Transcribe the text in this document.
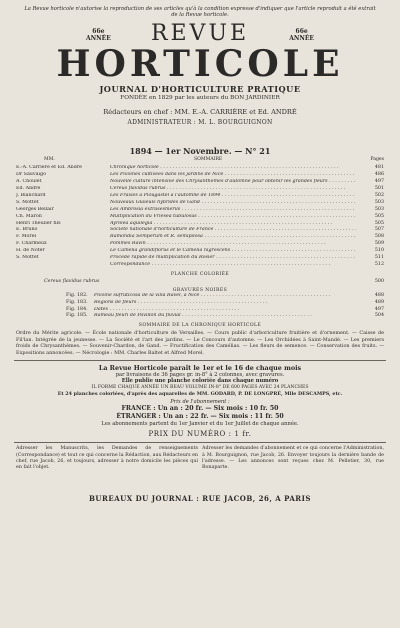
La Revue horticole n'autorise la reproduction de ses articles qu'à la condition expresse d'indiquer que l'article reproduit a été extrait de la Revue horticole.
66e
ANNÉE
66e
ANNÉE
REVUE
HORTICOLE
JOURNAL D'HORTICULTURE PRATIQUE
FONDÉE en 1829 par les auteurs du BON JARDINIER
Rédacteurs en chef : MM. E.-A. CARRIÈRE et Ed. ANDRÉ
ADMINISTRATEUR : M. L. BOURGUIGNON
1894 — 1er Novembre. — N° 21
MM.	SOMMAIRE	Pages
E.-A. Carrière et Ed. André	Chronique horticole . . .	481
Dr Sauvaigo	Les Pivoines cultivées dans les jardins de Nice . . .	486
A. Choulet	Nouvelle culture intensive des Chrysanthèmes d'automne pour obtenir les grandes fleurs . . .	497
Ed. André	Cereus flavidus rubrus . . .	501
J. Blanchard	Les Fraises à Plougastel à l'automne de 1894 . . .	502
S. Mottet	Nouveaux Glaïeuls hybrides de Gand . . .	503
Georges Bellair	Les Ambrosia extrasesmerils . . .	503
Ch. Maron	Multiplication du Vriesea tubulosus . . .	505
Henri Theulier fils	Ayrolea aquilegia . . .	505
E. Bruno	Société nationale d'horticulture de France . . .	507
F. Morel	Ramondia Semperum et R. semipilosa . . .	508
F. Charmeux	Pommes Ravin . . .	509
H. de Noter	Le Camélia grandiflorus et le Camélia nigrescens . . .	510
S. Mottet	Procédé rapide de multiplication du Rosier . . .	511
Correspondance . . .	512
PLANCHE COLORIÉE
Cereus flavidus rubrus	500
GRAVURES NOIRES
Fig. 182.	Pivoine sufruticosa de la villa Ravel, à Nice . . .	488
Fig. 183.	Régions de fleurs . . .	489
Fig. 184.	Dates . . .	497
Fig. 185.	Rameau fleuri de Pavillon du fluvial . . .	504
SOMMAIRE DE LA CHRONIQUE HORTICOLE
Ordre du Mérite agricole. — École nationale d'horticulture de Versailles. — Cours public d'arboriculture fruitière et d'ornement. — Caisse de Fil'lan. Intégrée de la jeunesse. — La Société et l'art des jardins. — Le Concours d'automne. — Les Orchidées à Saint-Mandé. — Les premiers froids de Chrysanthèmes. — Souvenir-Chardon, de Gand. — Fructification des Camélias. — Les fleurs de semence. — Conservation des fruits. — Expositions annoncées. — Nécrologie : MM. Charles Baltet et Alfred Morel.
La Revue Horticole paraît le 1er et le 16 de chaque mois
par livraisons de 36 pages gr. in-8° à 2 colonnes, avec gravures.
Elle publie une planche coloriée dans chaque numéro
IL FORME CHAQUE ANNÉE UN BEAU VOLUME IN-8° DE 600 PAGES AVEC 24 PLANCHES
Et 24 planches coloriées, d'après des aquarelles de MM. GODARD, P. DE LONGPRÉ, Mlle DESCAMPS, etc.
Prix de l'abonnement :
FRANCE : Un an : 20 fr. — Six mois : 10 fr. 50
ÉTRANGER : Un an : 22 fr. — Six mois : 11 fr. 50
Les abonnements partent du 1er Janvier et du 1er Juillet de chaque année.
PRIX DU NUMÉRO : 1 fr.
Adresser les Manuscrits, les Demandes de renseignements (Correspondance) et tout ce qui concerne la Rédaction, aux Rédacteurs en chef, rue Jacob, 26, et toujours, adresser à notre domicile les pièces qui en fait l'objet.
Adresser les demandes d'abonnement et ce qui concerne l'Administration, à M. Bourguignon, rue Jacob, 26. Envoyer toujours la dernière bande de l'adresse. — Les annonces sont reçues chez M. Pelletier, 30, rue Bonaparte.
BUREAUX DU JOURNAL : RUE JACOB, 26, A PARIS
